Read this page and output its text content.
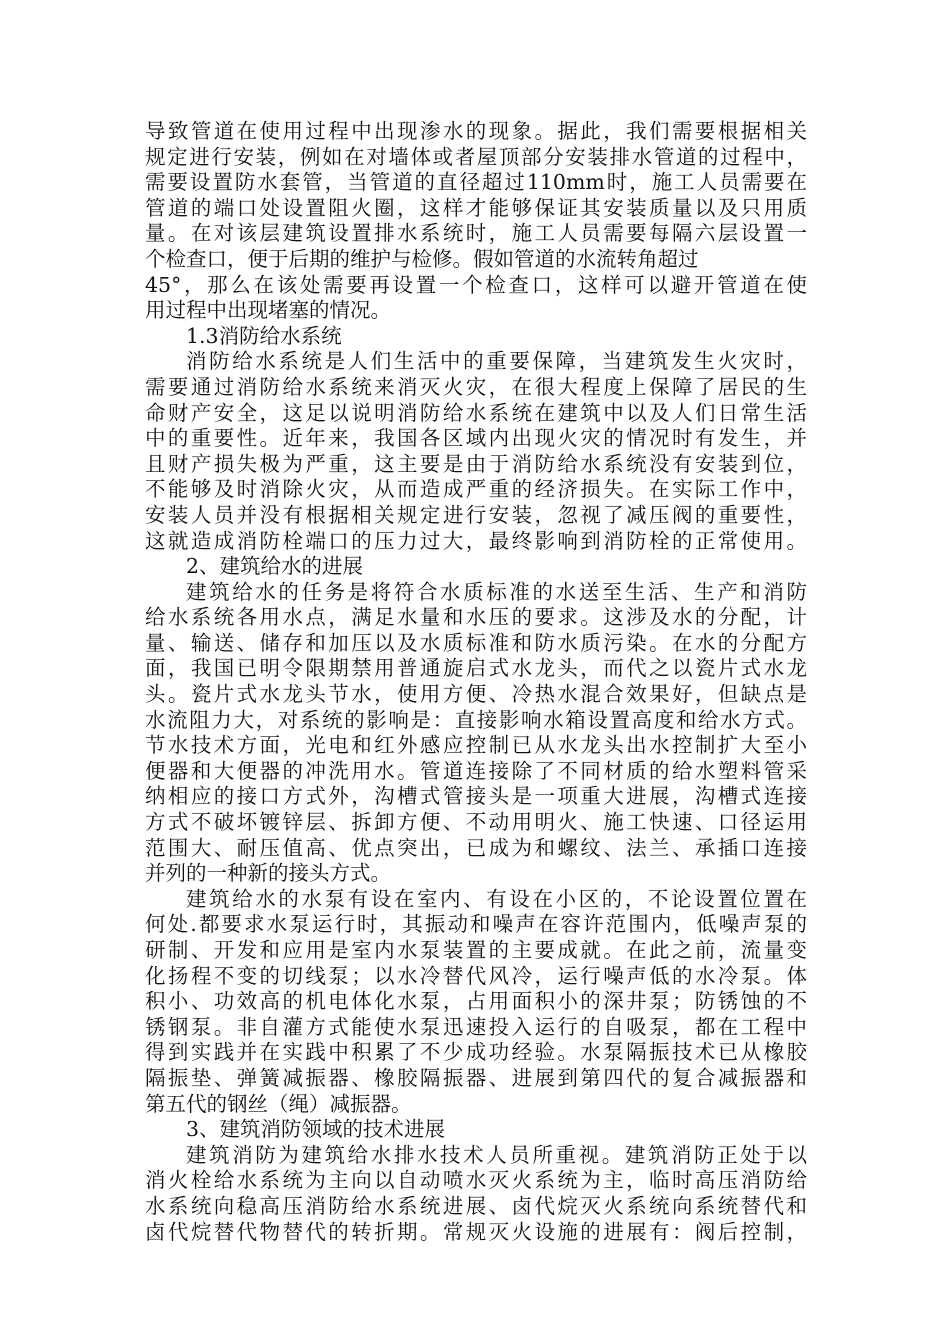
导致管道在使用过程中出现渗水的现象。据此，我们需要根据相关
规定进行安装，例如在对墙体或者屋顶部分安装排水管道的过程中，
需要设置防水套管，当管道的直径超过110mm时，施工人员需要在
管道的端口处设置阻火圈，这样才能够保证其安装质量以及只用质
量。在对该层建筑设置排水系统时，施工人员需要每隔六层设置一
个检查口，便于后期的维护与检修。假如管道的水流转角超过
45°，那么在该处需要再设置一个检查口，这样可以避开管道在使
用过程中出现堵塞的情况。
1.3消防给水系统
消防给水系统是人们生活中的重要保障，当建筑发生火灾时，
需要通过消防给水系统来消灭火灾，在很大程度上保障了居民的生
命财产安全，这足以说明消防给水系统在建筑中以及人们日常生活
中的重要性。近年来，我国各区域内出现火灾的情况时有发生，并
且财产损失极为严重，这主要是由于消防给水系统没有安装到位，
不能够及时消除火灾，从而造成严重的经济损失。在实际工作中，
安装人员并没有根据相关规定进行安装，忽视了减压阀的重要性，
这就造成消防栓端口的压力过大，最终影响到消防栓的正常使用。
2、建筑给水的进展
建筑给水的任务是将符合水质标准的水送至生活、生产和消防
给水系统各用水点，满足水量和水压的要求。这涉及水的分配，计
量、输送、储存和加压以及水质标准和防水质污染。在水的分配方
面，我国已明令限期禁用普通旋启式水龙头，而代之以瓷片式水龙
头。瓷片式水龙头节水，使用方便、冷热水混合效果好，但缺点是
水流阻力大，对系统的影响是：直接影响水箱设置高度和给水方式。
节水技术方面，光电和红外感应控制已从水龙头出水控制扩大至小
便器和大便器的冲洗用水。管道连接除了不同材质的给水塑料管采
纳相应的接口方式外，沟槽式管接头是一项重大进展，沟槽式连接
方式不破坏镀锌层、拆卸方便、不动用明火、施工快速、口径运用
范围大、耐压值高、优点突出，已成为和螺纹、法兰、承插口连接
并列的一种新的接头方式。
建筑给水的水泵有设在室内、有设在小区的，不论设置位置在
何处.都要求水泵运行时，其振动和噪声在容许范围内，低噪声泵的
研制、开发和应用是室内水泵装置的主要成就。在此之前，流量变
化扬程不变的切线泵；以水冷替代风冷，运行噪声低的水冷泵。体
积小、功效高的机电体化水泵，占用面积小的深井泵；防锈蚀的不
锈钢泵。非自灌方式能使水泵迅速投入运行的自吸泵，都在工程中
得到实践并在实践中积累了不少成功经验。水泵隔振技术已从橡胶
隔振垫、弹簧减振器、橡胶隔振器、进展到第四代的复合减振器和
第五代的钢丝（绳）减振器。
3、建筑消防领域的技术进展
建筑消防为建筑给水排水技术人员所重视。建筑消防正处于以
消火栓给水系统为主向以自动喷水灭火系统为主，临时高压消防给
水系统向稳高压消防给水系统进展、卤代烷灭火系统向系统替代和
卤代烷替代物替代的转折期。常规灭火设施的进展有：阀后控制，
